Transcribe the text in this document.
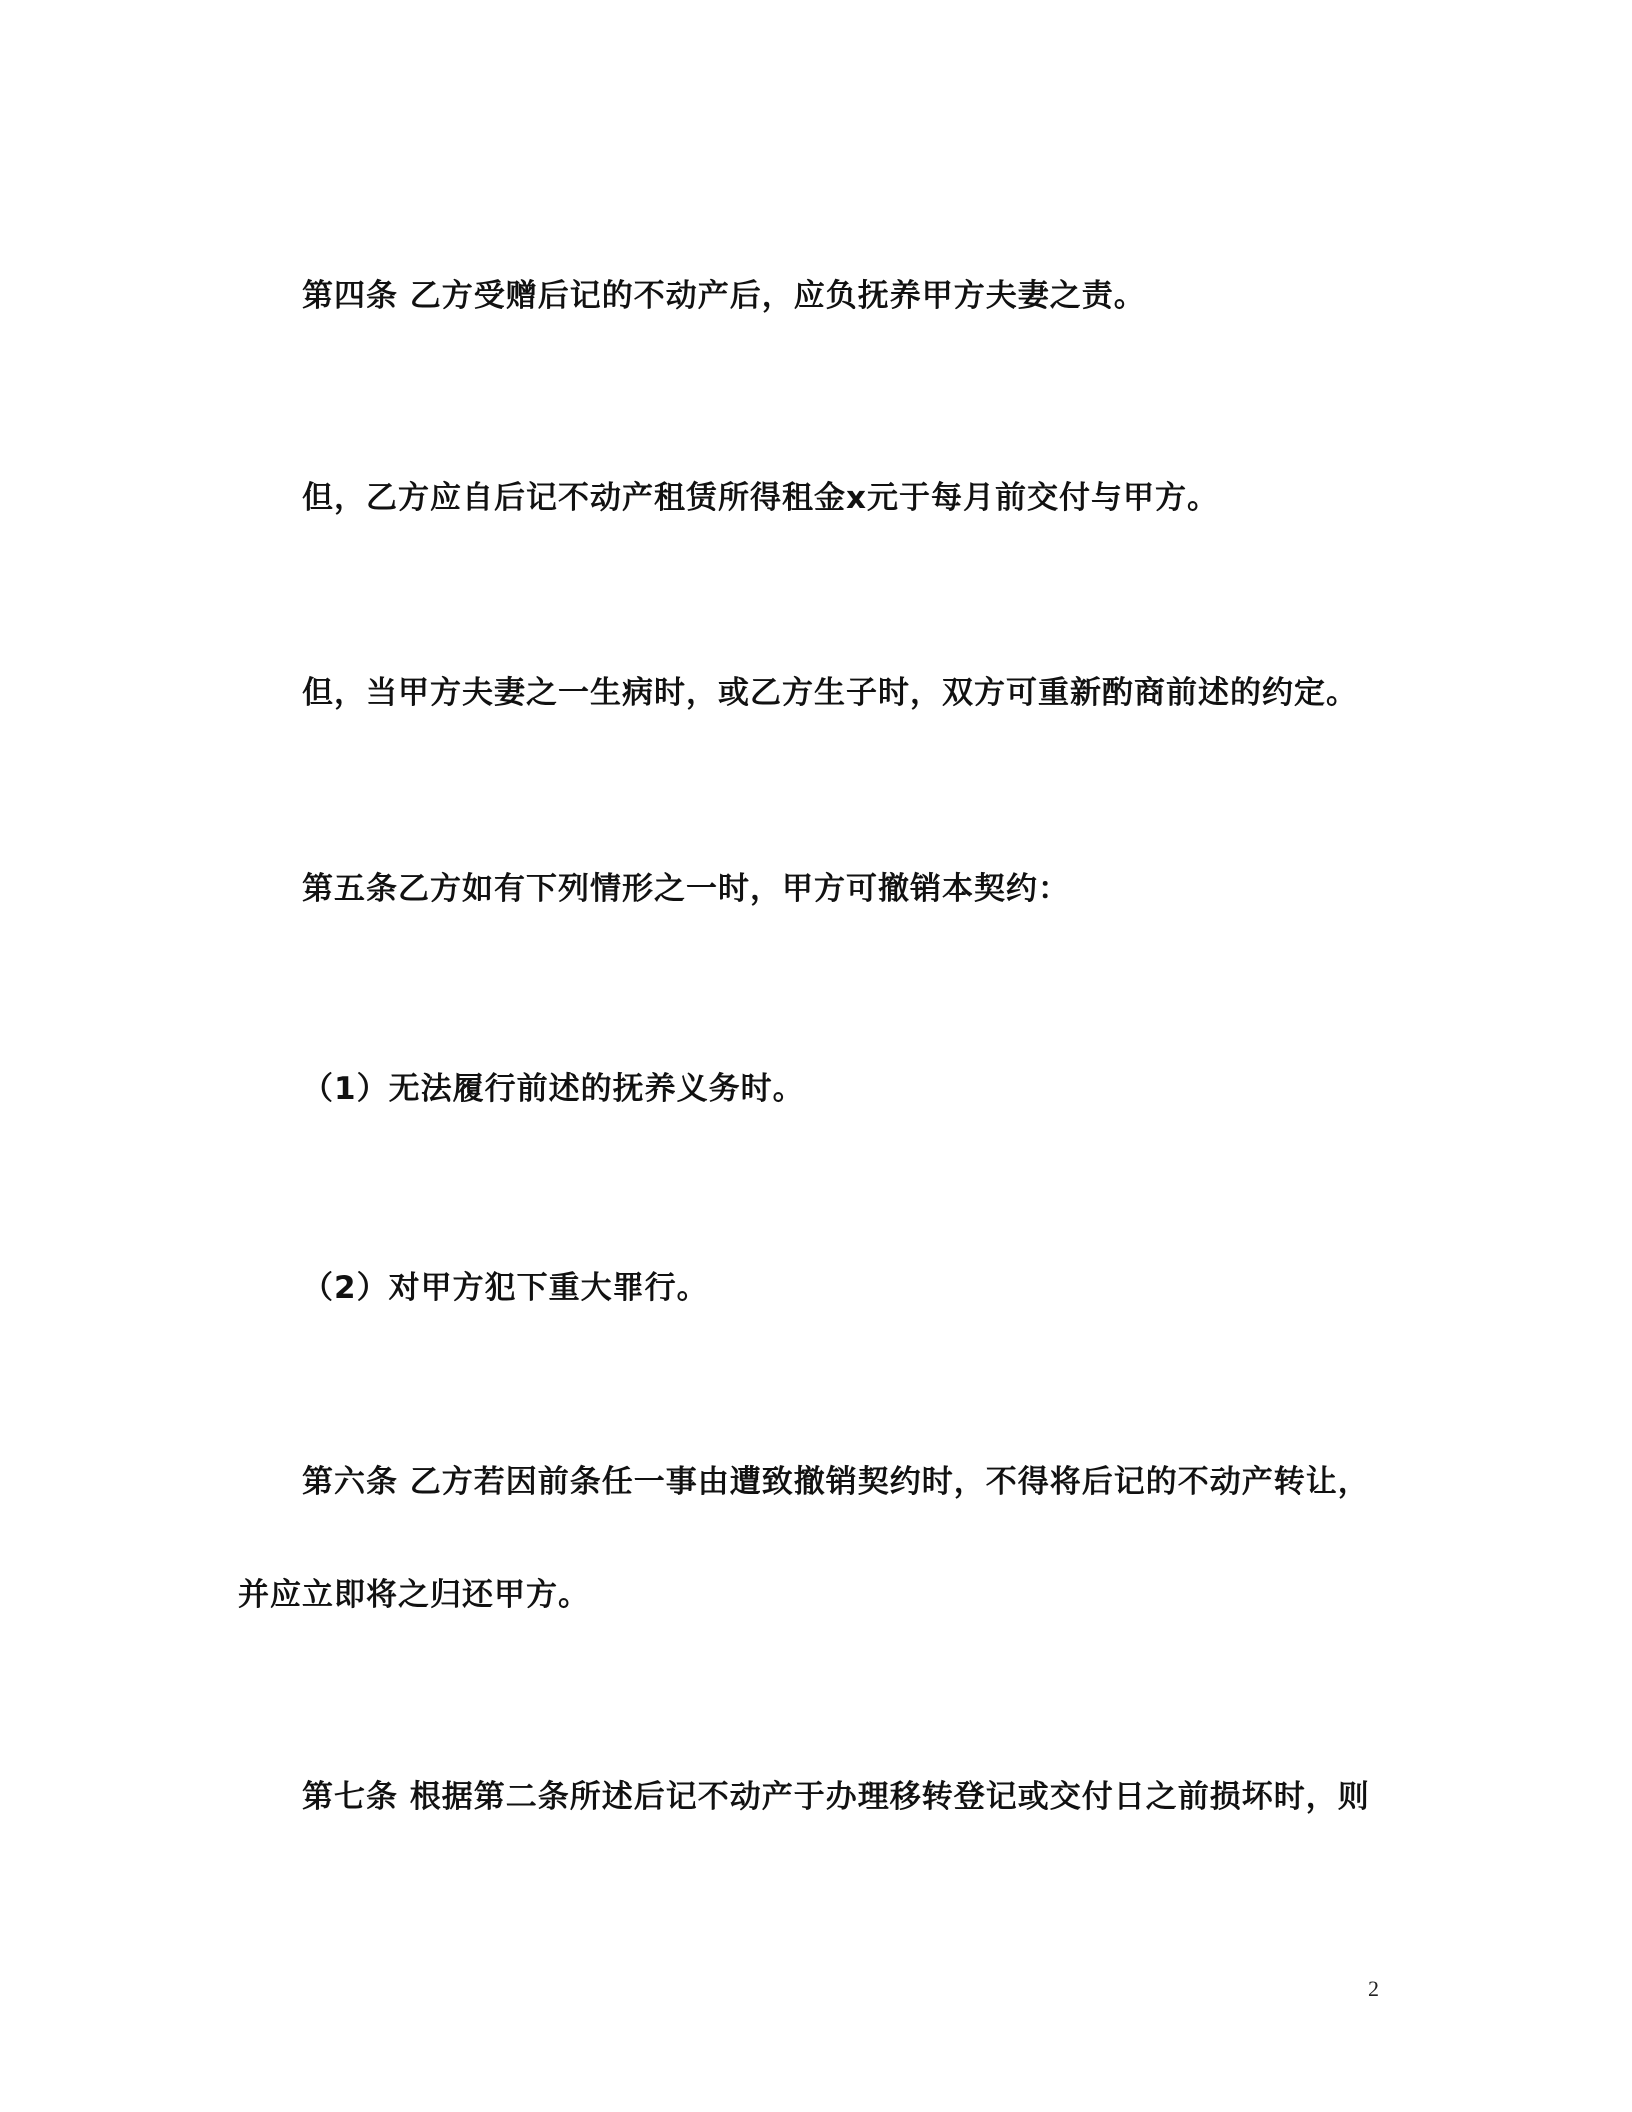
第四条 乙方受赠后记的不动产后，应负抚养甲方夫妻之责。
但，乙方应自后记不动产租赁所得租金x元于每月前交付与甲方。
但，当甲方夫妻之一生病时，或乙方生子时，双方可重新酌商前述的约定。
第五条乙方如有下列情形之一时，甲方可撤销本契约：
（1）无法履行前述的抚养义务时。
（2）对甲方犯下重大罪行。
第六条 乙方若因前条任一事由遭致撤销契约时，不得将后记的不动产转让，
并应立即将之归还甲方。
第七条 根据第二条所述后记不动产于办理移转登记或交付日之前损坏时，则
2
